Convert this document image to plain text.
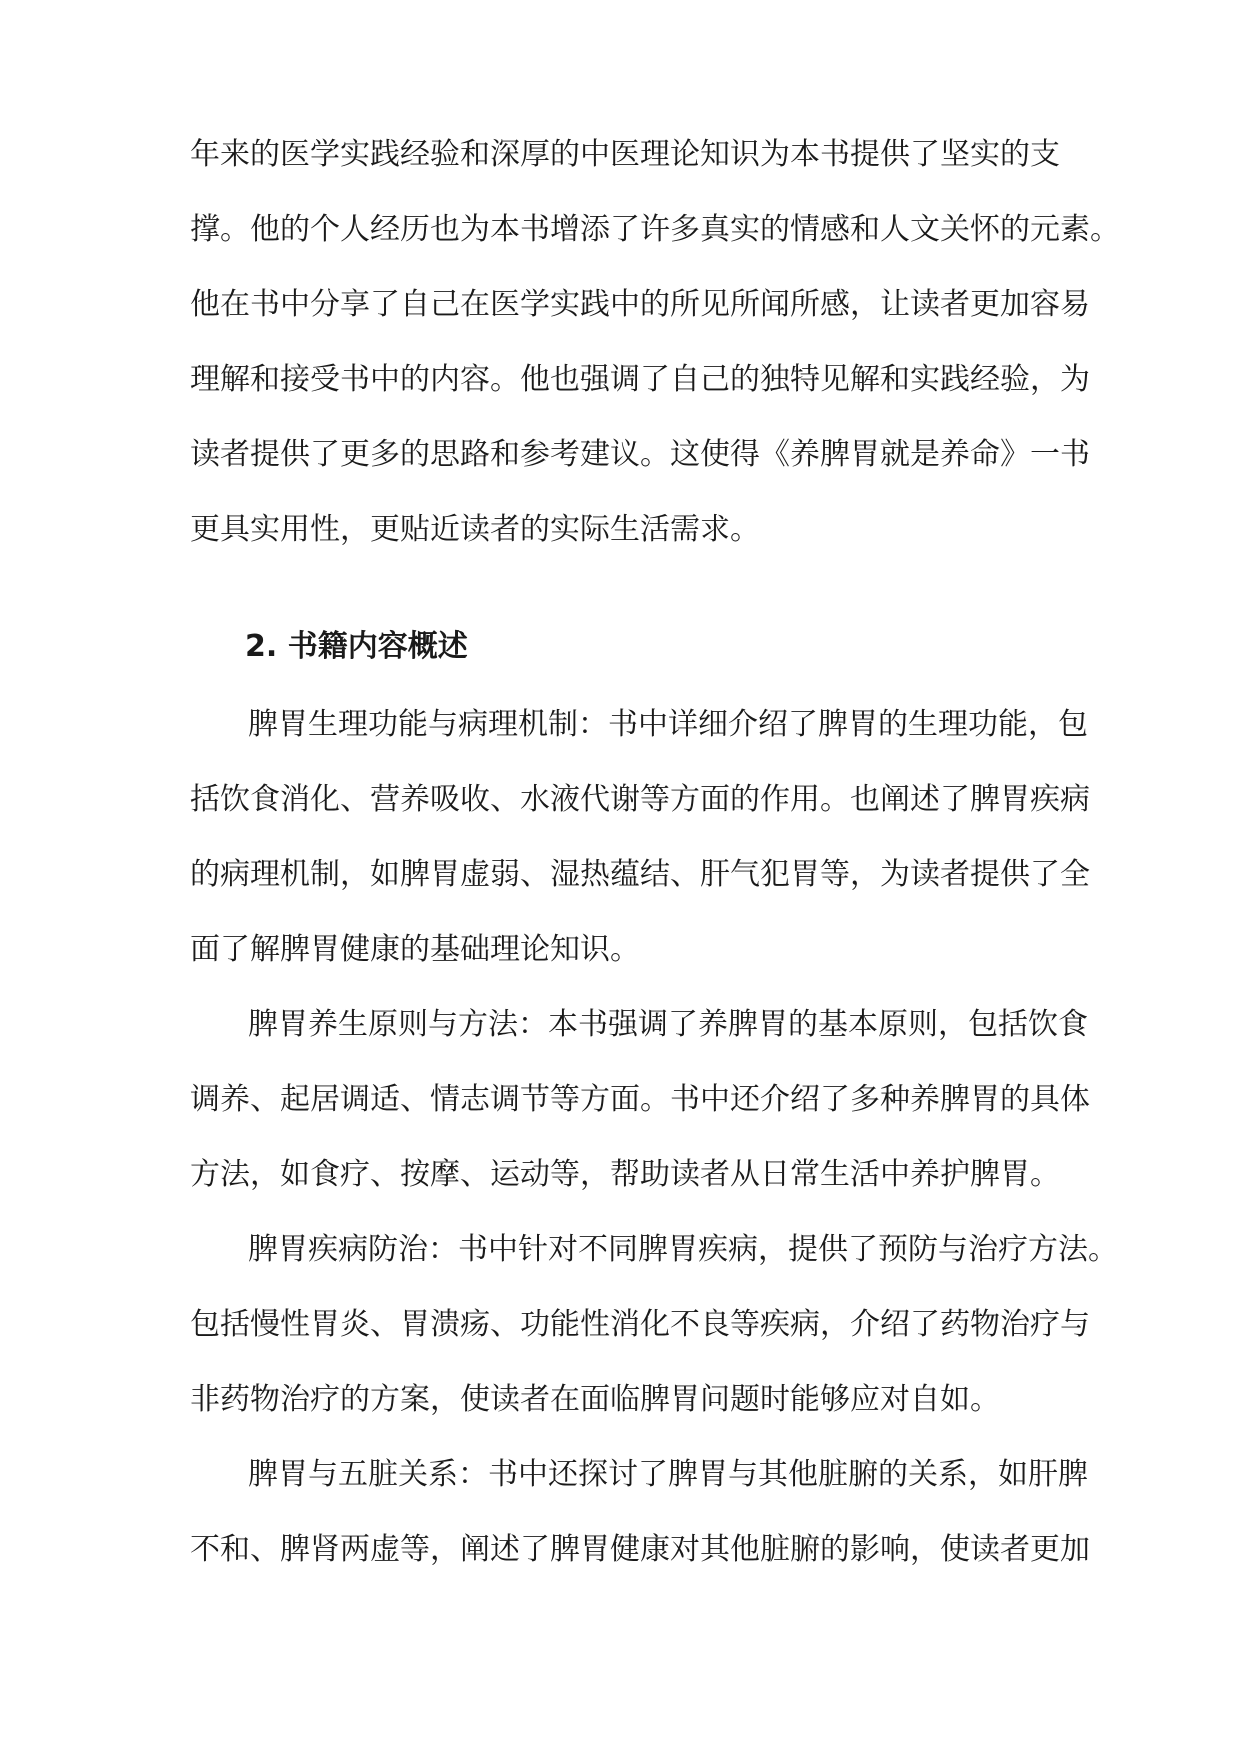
年来的医学实践经验和深厚的中医理论知识为本书提供了坚实的支
撑。他的个人经历也为本书增添了许多真实的情感和人文关怀的元素。
他在书中分享了自己在医学实践中的所见所闻所感，让读者更加容易
理解和接受书中的内容。他也强调了自己的独特见解和实践经验，为
读者提供了更多的思路和参考建议。这使得《养脾胃就是养命》一书
更具实用性，更贴近读者的实际生活需求。
2. 书籍内容概述
脾胃生理功能与病理机制：书中详细介绍了脾胃的生理功能，包
括饮食消化、营养吸收、水液代谢等方面的作用。也阐述了脾胃疾病
的病理机制，如脾胃虚弱、湿热蕴结、肝气犯胃等，为读者提供了全
面了解脾胃健康的基础理论知识。
脾胃养生原则与方法：本书强调了养脾胃的基本原则，包括饮食
调养、起居调适、情志调节等方面。书中还介绍了多种养脾胃的具体
方法，如食疗、按摩、运动等，帮助读者从日常生活中养护脾胃。
脾胃疾病防治：书中针对不同脾胃疾病，提供了预防与治疗方法。
包括慢性胃炎、胃溃疡、功能性消化不良等疾病，介绍了药物治疗与
非药物治疗的方案，使读者在面临脾胃问题时能够应对自如。
脾胃与五脏关系：书中还探讨了脾胃与其他脏腑的关系，如肝脾
不和、脾肾两虚等，阐述了脾胃健康对其他脏腑的影响，使读者更加
